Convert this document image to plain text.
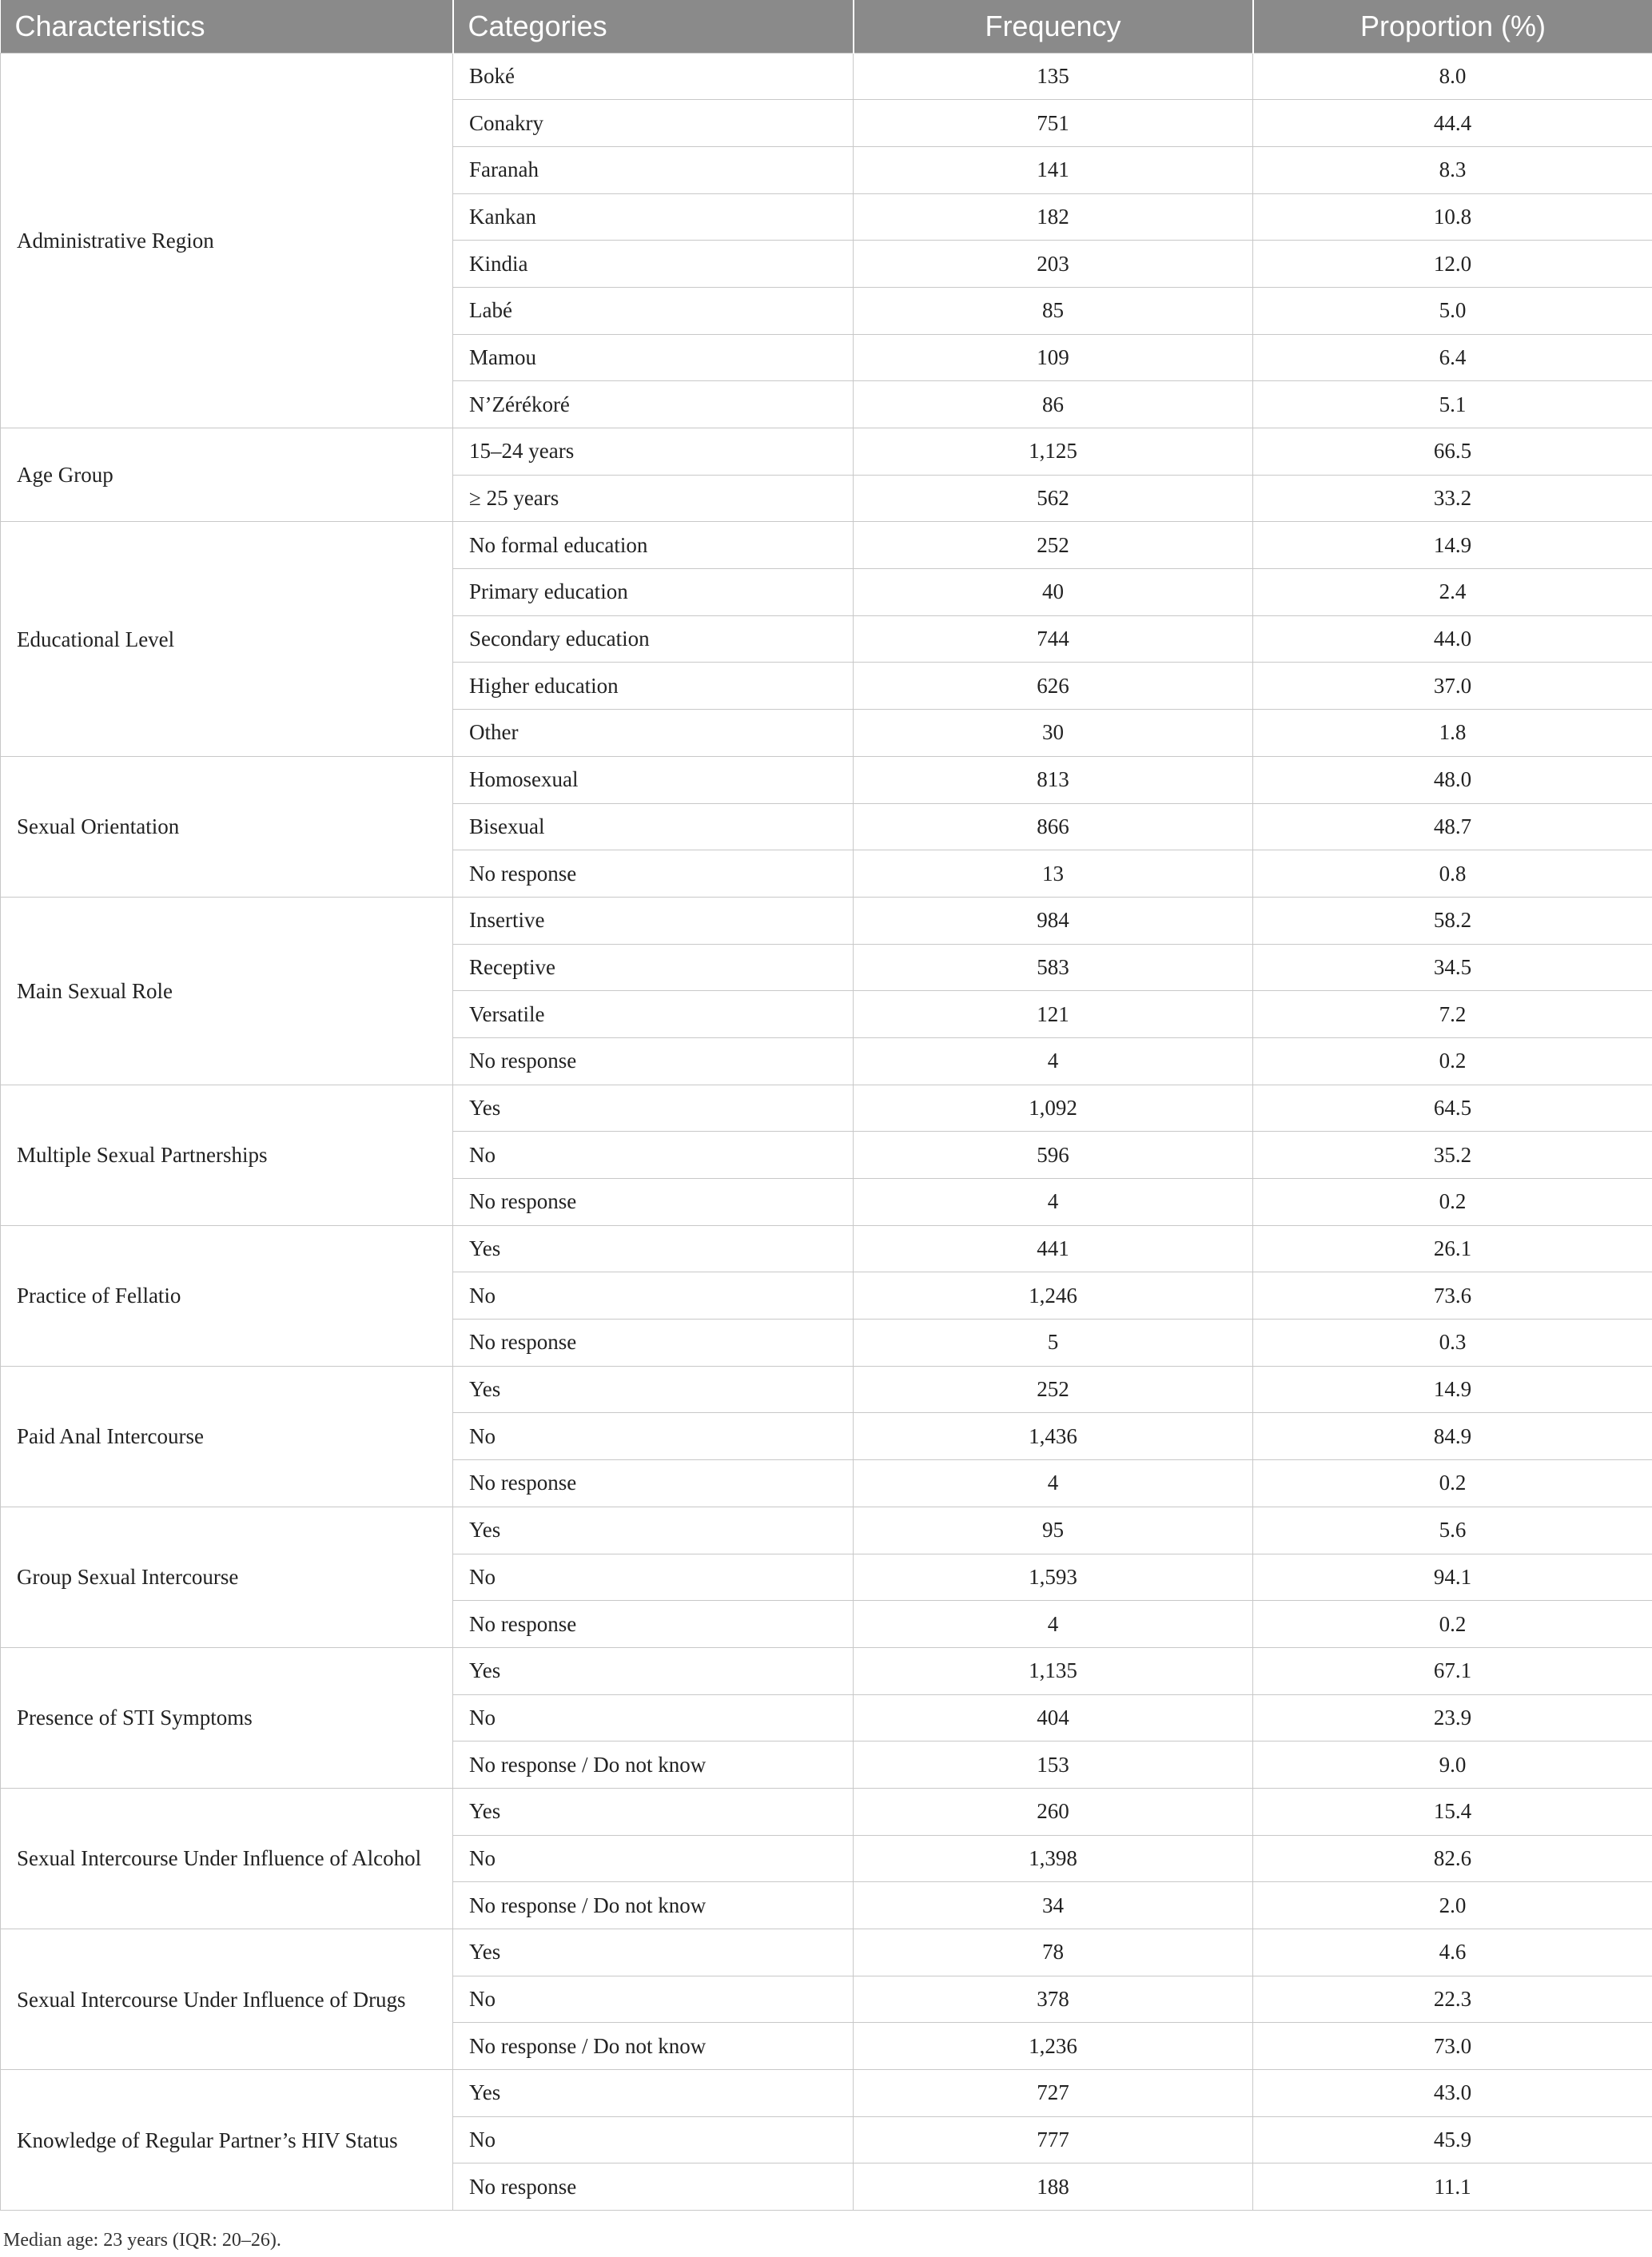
Characteristics	Categories	Frequency	Proportion (%)
Administrative Region	Boké	135	8.0
	Conakry	751	44.4
	Faranah	141	8.3
	Kankan	182	10.8
	Kindia	203	12.0
	Labé	85	5.0
	Mamou	109	6.4
	N’Zérékoré	86	5.1
Age Group	15–24 years	1,125	66.5
	≥ 25 years	562	33.2
Educational Level	No formal education	252	14.9
	Primary education	40	2.4
	Secondary education	744	44.0
	Higher education	626	37.0
	Other	30	1.8
Sexual Orientation	Homosexual	813	48.0
	Bisexual	866	48.7
	No response	13	0.8
Main Sexual Role	Insertive	984	58.2
	Receptive	583	34.5
	Versatile	121	7.2
	No response	4	0.2
Multiple Sexual Partnerships	Yes	1,092	64.5
	No	596	35.2
	No response	4	0.2
Practice of Fellatio	Yes	441	26.1
	No	1,246	73.6
	No response	5	0.3
Paid Anal Intercourse	Yes	252	14.9
	No	1,436	84.9
	No response	4	0.2
Group Sexual Intercourse	Yes	95	5.6
	No	1,593	94.1
	No response	4	0.2
Presence of STI Symptoms	Yes	1,135	67.1
	No	404	23.9
	No response / Do not know	153	9.0
Sexual Intercourse Under Influence of Alcohol	Yes	260	15.4
	No	1,398	82.6
	No response / Do not know	34	2.0
Sexual Intercourse Under Influence of Drugs	Yes	78	4.6
	No	378	22.3
	No response / Do not know	1,236	73.0
Knowledge of Regular Partner’s HIV Status	Yes	727	43.0
	No	777	45.9
	No response	188	11.1
Median age: 23 years (IQR: 20–26).
